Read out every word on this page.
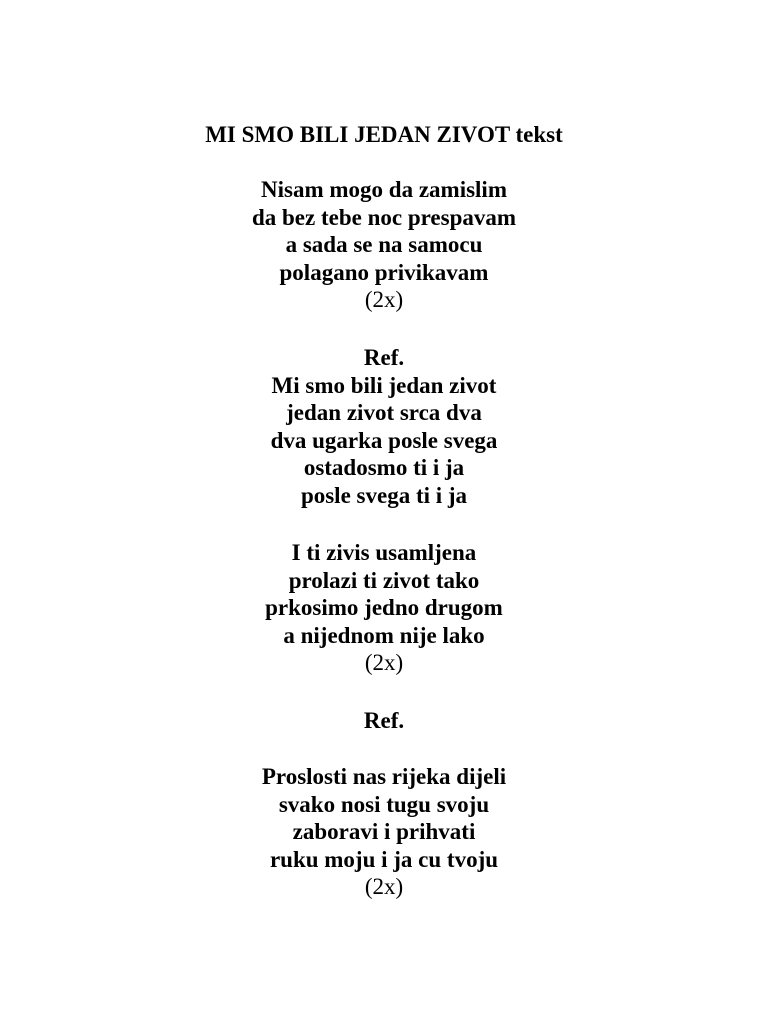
MI SMO BILI JEDAN ZIVOT tekst
Nisam mogo da zamislim
da bez tebe noc prespavam
a sada se na samocu
polagano privikavam
(2x)
Ref.
Mi smo bili jedan zivot
jedan zivot srca dva
dva ugarka posle svega
ostadosmo ti i ja
posle svega ti i ja
I ti zivis usamljena
prolazi ti zivot tako
prkosimo jedno drugom
a nijednom nije lako
(2x)
Ref.
Proslosti nas rijeka dijeli
svako nosi tugu svoju
zaboravi i prihvati
ruku moju i ja cu tvoju
(2x)
